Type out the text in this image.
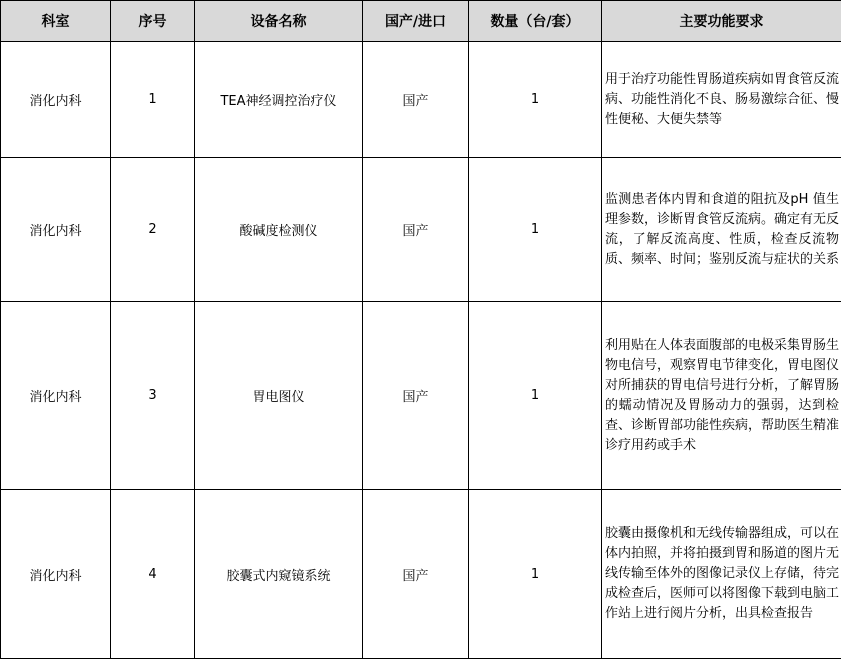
科室	序号	设备名称	国产/进口	数量（台/套）	主要功能要求
消化内科	1	TEA神经调控治疗仪	国产	1	用于治疗功能性胃肠道疾病如胃食管反流病、功能性消化不良、肠易激综合征、慢性便秘、大便失禁等
消化内科	2	酸碱度检测仪	国产	1	监测患者体内胃和食道的阻抗及pH 值生理参数，诊断胃食管反流病。确定有无反流，了解反流高度、性质，检查反流物质、频率、时间；鉴别反流与症状的关系
消化内科	3	胃电图仪	国产	1	利用贴在人体表面腹部的电极采集胃肠生物电信号，观察胃电节律变化，胃电图仪对所捕获的胃电信号进行分析，了解胃肠的蠕动情况及胃肠动力的强弱，达到检查、诊断胃部功能性疾病，帮助医生精准诊疗用药或手术
消化内科	4	胶囊式内窥镜系统	国产	1	胶囊由摄像机和无线传输器组成，可以在体内拍照，并将拍摄到胃和肠道的图片无线传输至体外的图像记录仪上存储，待完成检查后，医师可以将图像下载到电脑工作站上进行阅片分析，出具检查报告
